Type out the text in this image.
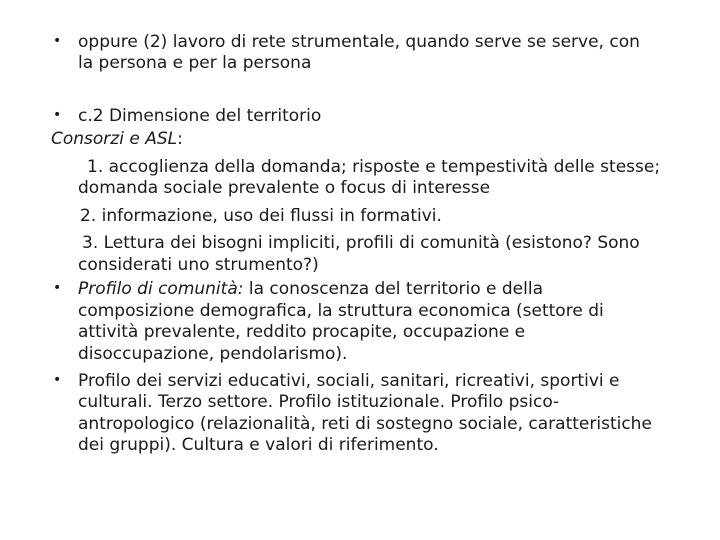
• oppure (2) lavoro di rete strumentale, quando serve se serve, con

la persona e per la persona

• c.2 Dimensione del territorio

Consorzi e ASL:

1. accoglienza della domanda; risposte e tempestività delle stesse;

domanda sociale prevalente o focus di interesse

2. informazione, uso dei flussi in formativi.

3. Lettura dei bisogni impliciti, profili di comunità (esistono? Sono

considerati uno strumento?)

• Profilo di comunità: la conoscenza del territorio e della

composizione demografica, la struttura economica (settore di

attività prevalente, reddito procapite, occupazione e

disoccupazione, pendolarismo).

• Profilo dei servizi educativi, sociali, sanitari, ricreativi, sportivi e

culturali. Terzo settore. Profilo istituzionale. Profilo psico-

antropologico (relazionalità, reti di sostegno sociale, caratteristiche

dei gruppi). Cultura e valori di riferimento.
